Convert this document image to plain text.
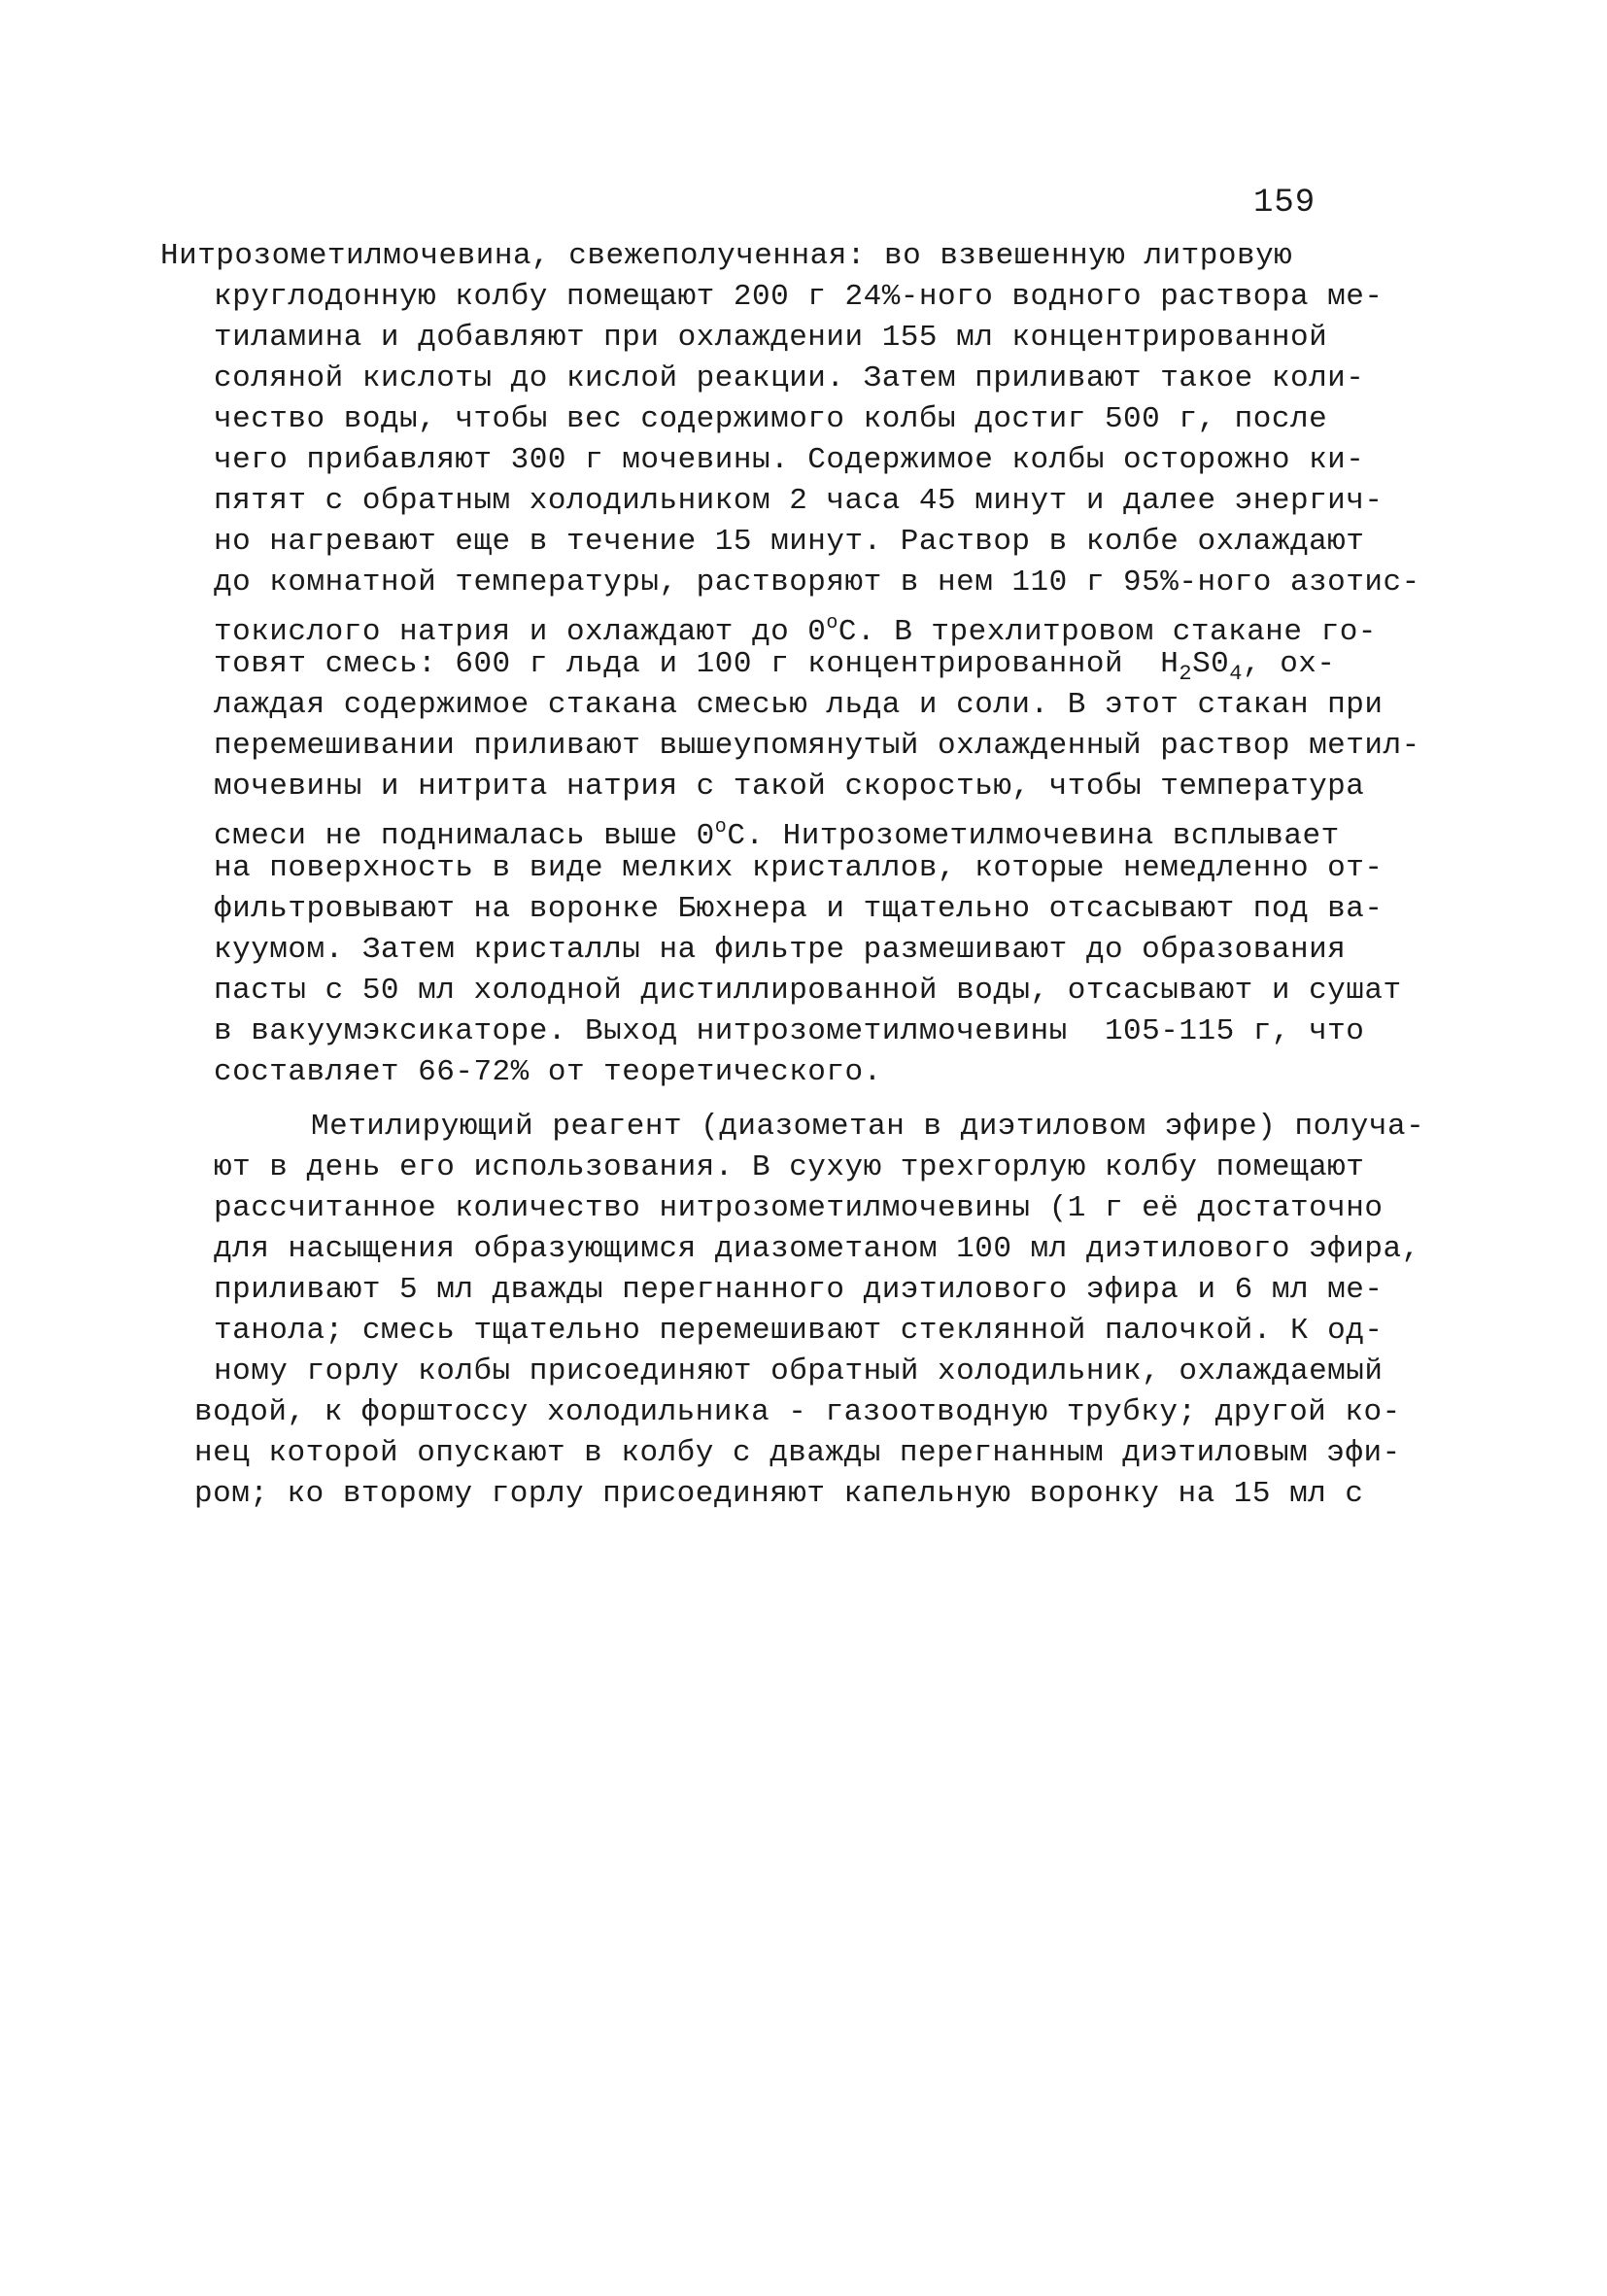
159
Нитрозометилмочевина, свежеполученная: во взвешенную литровую
круглодонную колбу помещают 200 г 24%-ного водного раствора ме-
тиламина и добавляют при охлаждении 155 мл концентрированной
соляной кислоты до кислой реакции. Затем приливают такое коли-
чество воды, чтобы вес содержимого колбы достиг 500 г, после
чего прибавляют 300 г мочевины. Содержимое колбы осторожно ки-
пятят с обратным холодильником 2 часа 45 минут и далее энергич-
но нагревают еще в течение 15 минут. Раствор в колбе охлаждают
до комнатной температуры, растворяют в нем 110 г 95%-ного азотис-
токислого натрия и охлаждают до 0$^o$С. В трехлитровом стакане го-
товят смесь: 600 г льда и 100 г концентрированной  $Н_2S0_4$, ох-
лаждая содержимое стакана смесью льда и соли. В этот стакан при
перемешивании приливают вышеупомянутый охлажденный раствор метил-
мочевины и нитрита натрия с такой скоростью, чтобы температура
смеси не поднималась выше 0$^o$С. Нитрозометилмочевина всплывает
на поверхность в виде мелких кристаллов, которые немедленно от-
фильтровывают на воронке Бюхнера и тщательно отсасывают под ва-
куумом. Затем кристаллы на фильтре размешивают до образования
пасты с 50 мл холодной дистиллированной воды, отсасывают и сушат
в вакуумэксикаторе. Выход нитрозометилмочевины  105-115 г, что
составляет 66-72% от теоретического.
Метилирующий реагент (диазометан в диэтиловом эфире) получа-
ют в день его использования. В сухую трехгорлую колбу помещают
рассчитанное количество нитрозометилмочевины (1 г её достаточно
для насыщения образующимся диазометаном 100 мл диэтилового эфира,
приливают 5 мл дважды перегнанного диэтилового эфира и 6 мл ме-
танола; смесь тщательно перемешивают стеклянной палочкой. К од-
ному горлу колбы присоединяют обратный холодильник, охлаждаемый
водой, к форштоссу холодильника - газоотводную трубку; другой ко-
нец которой опускают в колбу с дважды перегнанным диэтиловым эфи-
ром; ко второму горлу присоединяют капельную воронку на 15 мл с
